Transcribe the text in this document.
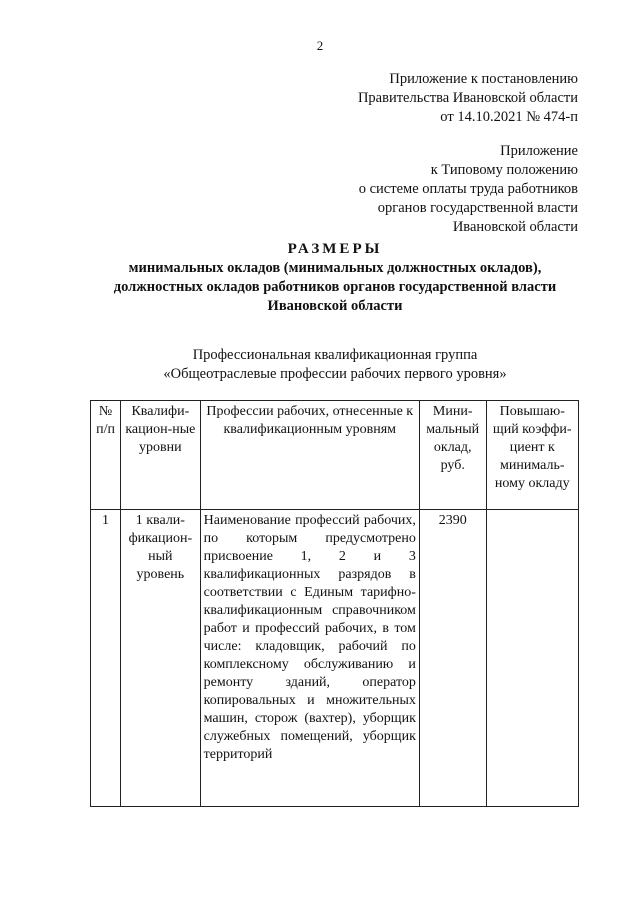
2
Приложение к постановлению
Правительства Ивановской области
от 14.10.2021 № 474-п
Приложение
к Типовому положению
о системе оплаты труда работников
органов государственной власти
Ивановской области
РАЗМЕРЫ
минимальных окладов (минимальных должностных окладов),
должностных окладов работников органов государственной власти
Ивановской области
Профессиональная квалификационная группа
«Общеотраслевые профессии рабочих первого уровня»
№ п/п	Квалифи-кацион-ные уровни	Профессии рабочих, отнесенные к квалификационным уровням	Мини-мальный оклад, руб.	Повышаю-щий коэффи-циент к минималь-ному окладу
1	1 квали-фикацион-ный уровень	Наименование профессий рабочих, по которым предусмотрено присвоение 1, 2 и 3 квалификационных разрядов в соответствии с Единым тарифно-квалификационным справочником работ и профессий рабочих, в том числе: кладовщик, рабочий по комплексному обслуживанию и ремонту зданий, оператор копировальных и множительных машин, сторож (вахтер), уборщик служебных помещений, уборщик территорий	2390	
